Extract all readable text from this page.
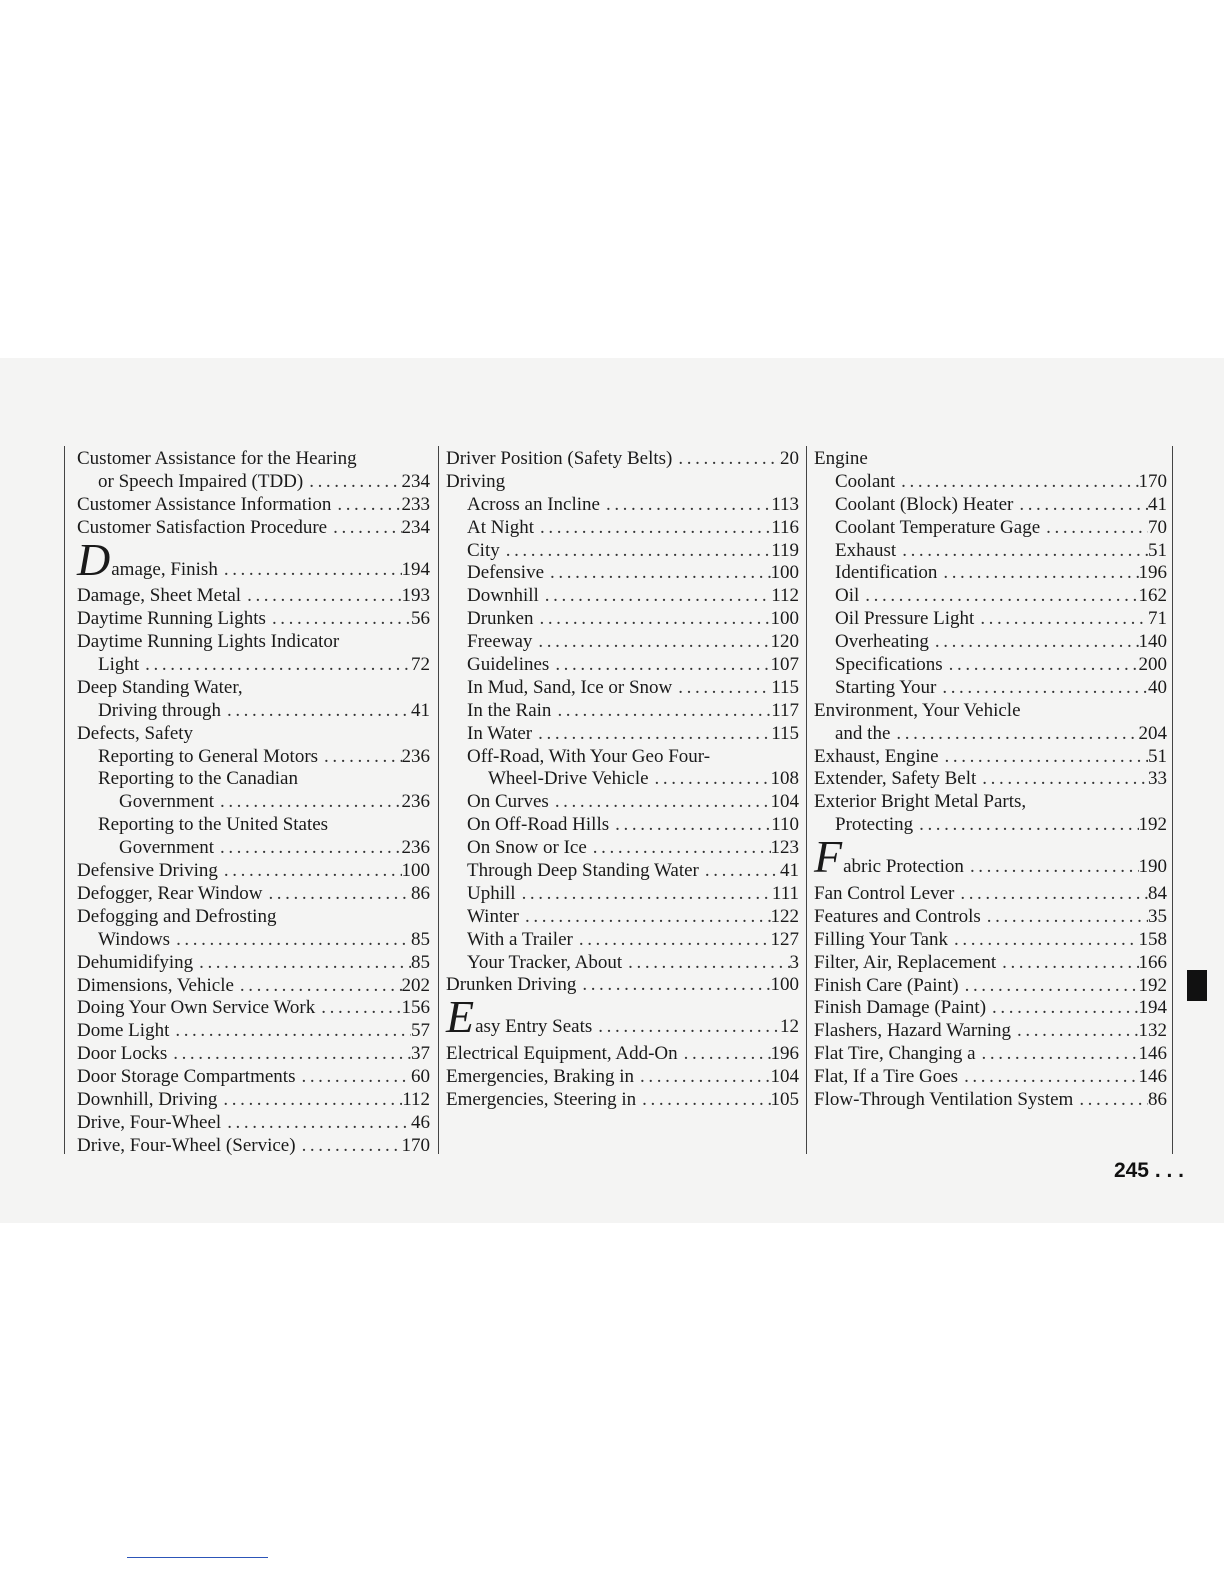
Customer Assistance for the Hearing
or Speech Impaired (TDD) .....	234
Customer Assistance Information .....	233
Customer Satisfaction Procedure .....	234
D amage, Finish .....	194
Damage, Sheet Metal .....	193
Daytime Running Lights .....	56
Daytime Running Lights Indicator
Light .....	72
Deep Standing Water,
Driving through .....	41
Defects, Safety
Reporting to General Motors .....	236
Reporting to the Canadian
Government .....	236
Reporting to the United States
Government .....	236
Defensive Driving .....	100
Defogger, Rear Window .....	86
Defogging and Defrosting
Windows .....	85
Dehumidifying .....	85
Dimensions, Vehicle .....	202
Doing Your Own Service Work .....	156
Dome Light .....	57
Door Locks .....	37
Door Storage Compartments .....	60
Downhill, Driving .....	112
Drive, Four-Wheel .....	46
Drive, Four-Wheel (Service) .....	170
Driver Position (Safety Belts) .....	20
Driving
Across an Incline .....	113
At Night .....	116
City .....	119
Defensive .....	100
Downhill .....	112
Drunken .....	100
Freeway .....	120
Guidelines .....	107
In Mud, Sand, Ice or Snow .....	115
In the Rain .....	117
In Water .....	115
Off-Road, With Your Geo Four-
Wheel-Drive Vehicle .....	108
On Curves .....	104
On Off-Road Hills .....	110
On Snow or Ice .....	123
Through Deep Standing Water .....	41
Uphill .....	111
Winter .....	122
With a Trailer .....	127
Your Tracker, About .....	3
Drunken Driving .....	100
E asy Entry Seats .....	12
Electrical Equipment, Add-On .....	196
Emergencies, Braking in .....	104
Emergencies, Steering in .....	105
Engine
Coolant .....	170
Coolant (Block) Heater .....	41
Coolant Temperature Gage .....	70
Exhaust .....	51
Identification .....	196
Oil .....	162
Oil Pressure Light .....	71
Overheating .....	140
Specifications .....	200
Starting Your .....	40
Environment, Your Vehicle
and the .....	204
Exhaust, Engine .....	51
Extender, Safety Belt .....	33
Exterior Bright Metal Parts,
Protecting .....	192
F abric Protection .....	190
Fan Control Lever .....	84
Features and Controls .....	35
Filling Your Tank .....	158
Filter, Air, Replacement .....	166
Finish Care (Paint) .....	192
Finish Damage (Paint) .....	194
Flashers, Hazard Warning .....	132
Flat Tire, Changing a .....	146
Flat, If a Tire Goes .....	146
Flow-Through Ventilation System .....	86
245 . . .
